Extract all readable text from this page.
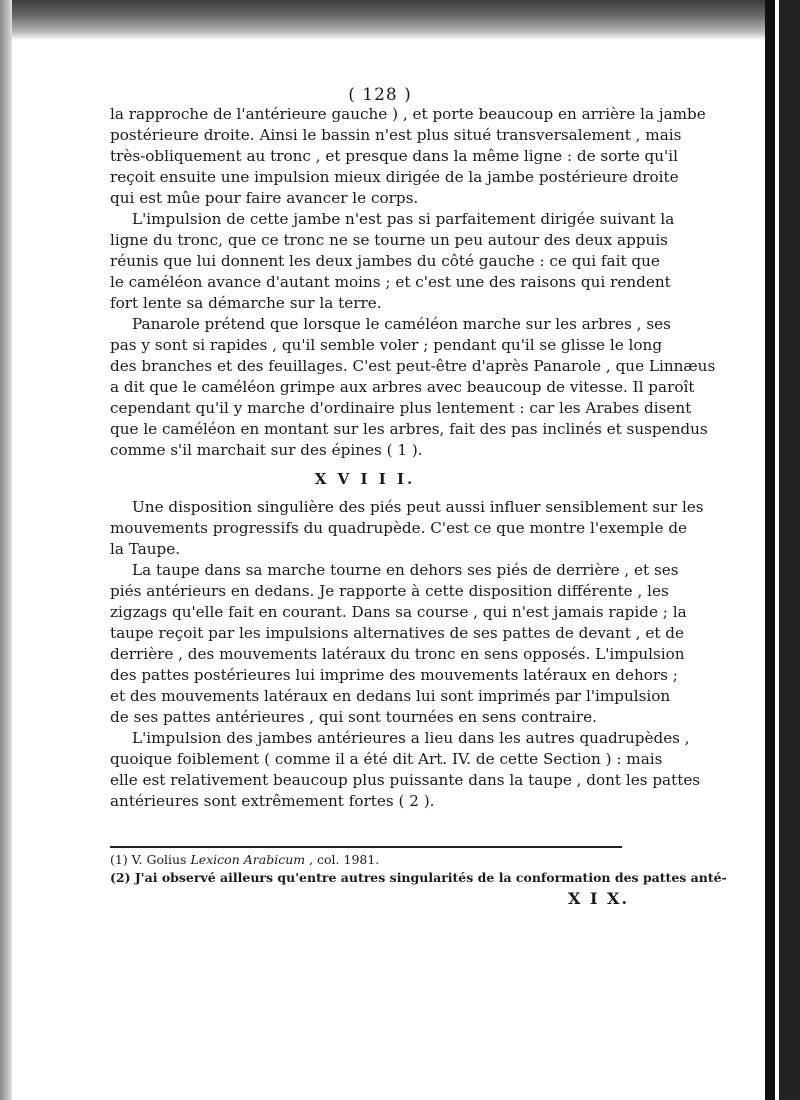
( 128 )
la rapproche de l'antérieure gauche ) , et porte beaucoup en arrière la jambe
postérieure droite. Ainsi le bassin n'est plus situé transversalement , mais
très-obliquement au tronc , et presque dans la même ligne : de sorte qu'il
reçoit ensuite une impulsion mieux dirigée de la jambe postérieure droite
qui est mûe pour faire avancer le corps.
L'impulsion de cette jambe n'est pas si parfaitement dirigée suivant la
ligne du tronc, que ce tronc ne se tourne un peu autour des deux appuis
réunis que lui donnent les deux jambes du côté gauche : ce qui fait que
le caméléon avance d'autant moins ; et c'est une des raisons qui rendent
fort lente sa démarche sur la terre.
Panarole prétend que lorsque le caméléon marche sur les arbres , ses
pas y sont si rapides , qu'il semble voler ; pendant qu'il se glisse le long
des branches et des feuillages. C'est peut-être d'après Panarole , que Linnæus
a dit que le caméléon grimpe aux arbres avec beaucoup de vitesse. Il paroît
cependant qu'il y marche d'ordinaire plus lentement : car les Arabes disent
que le caméléon en montant sur les arbres, fait des pas inclinés et suspendus
comme s'il marchait sur des épines ( 1 ).
X V I I I.
Une disposition singulière des piés peut aussi influer sensiblement sur les
mouvements progressifs du quadrupède. C'est ce que montre l'exemple de
la Taupe.
La taupe dans sa marche tourne en dehors ses piés de derrière , et ses
piés antérieurs en dedans. Je rapporte à cette disposition différente , les
zigzags qu'elle fait en courant. Dans sa course , qui n'est jamais rapide ; la
taupe reçoit par les impulsions alternatives de ses pattes de devant , et de
derrière , des mouvements latéraux du tronc en sens opposés. L'impulsion
des pattes postérieures lui imprime des mouvements latéraux en dehors ;
et des mouvements latéraux en dedans lui sont imprimés par l'impulsion
de ses pattes antérieures , qui sont tournées en sens contraire.
L'impulsion des jambes antérieures a lieu dans les autres quadrupèdes ,
quoique foiblement ( comme il a été dit Art. IV. de cette Section ) : mais
elle est relativement beaucoup plus puissante dans la taupe , dont les pattes
antérieures sont extrêmement fortes ( 2 ).
(1) V. Golius Lexicon Arabicum , col. 1981.
(2) J'ai observé ailleurs qu'entre autres singularités de la conformation des pattes anté-
X I X.
